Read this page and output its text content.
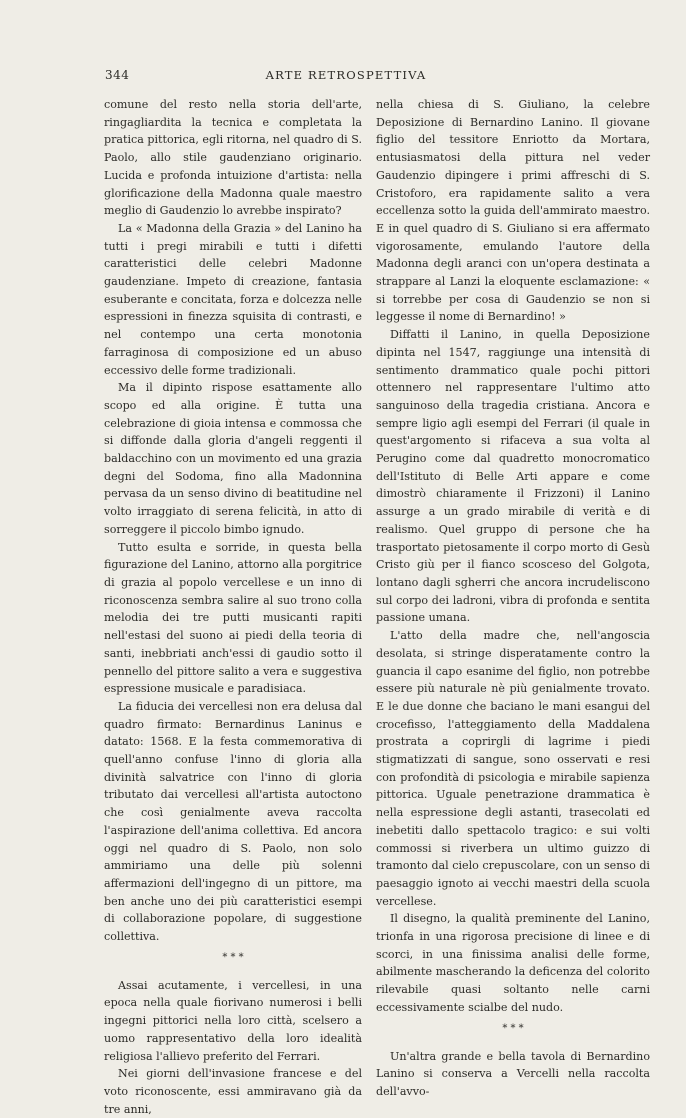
344	ARTE RETROSPETTIVA

comune del resto nella storia dell'arte, ringagliardita la tecnica e completata la pratica pittorica, egli ritorna, nel quadro di S. Paolo, allo stile gaudenziano originario. Lucida e profonda intuizione d'artista: nella glorificazione della Madonna quale maestro meglio di Gaudenzio lo avrebbe inspirato?

La « Madonna della Grazia » del Lanino ha tutti i pregi mirabili e tutti i difetti caratteristici delle celebri Madonne gaudenziane. Impeto di creazione, fantasia esuberante e concitata, forza e dolcezza nelle espressioni in finezza squisita di contrasti, e nel contempo una certa monotonia farraginosa di composizione ed un abuso eccessivo delle forme tradizionali.

Ma il dipinto rispose esattamente allo scopo ed alla origine. È tutta una celebrazione di gioia intensa e commossa che si diffonde dalla gloria d'angeli reggenti il baldacchino con un movimento ed una grazia degni del Sodoma, fino alla Madonnina pervasa da un senso divino di beatitudine nel volto irraggiato di serena felicità, in atto di sorreggere il piccolo bimbo ignudo.

Tutto esulta e sorride, in questa bella figurazione del Lanino, attorno alla porgitrice di grazia al popolo vercellese e un inno di riconoscenza sembra salire al suo trono colla melodia dei tre putti musicanti rapiti nell'estasi del suono ai piedi della teoria di santi, inebbriati anch'essi di gaudio sotto il pennello del pittore salito a vera e suggestiva espressione musicale e paradisiaca.

La fiducia dei vercellesi non era delusa dal quadro firmato: Bernardinus Laninus e datato: 1568. E la festa commemorativa di quell'anno confuse l'inno di gloria alla divinità salvatrice con l'inno di gloria tributato dai vercellesi all'artista autoctono che così genialmente aveva raccolta l'aspirazione dell'anima collettiva. Ed ancora oggi nel quadro di S. Paolo, non solo ammiriamo una delle più solenni affermazioni dell'ingegno di un pittore, ma ben anche uno dei più caratteristici esempi di collaborazione popolare, di suggestione collettiva.

* * *

Assai acutamente, i vercellesi, in una epoca nella quale fiorivano numerosi i belli ingegni pittorici nella loro città, scelsero a uomo rappresentativo della loro idealità religiosa l'allievo preferito del Ferrari.

Nei giorni dell'invasione francese e del voto riconoscente, essi ammiravano già da tre anni,

nella chiesa di S. Giuliano, la celebre Deposizione di Bernardino Lanino. Il giovane figlio del tessitore Enriotto da Mortara, entusiasmatosi della pittura nel veder Gaudenzio dipingere i primi affreschi di S. Cristoforo, era rapidamente salito a vera eccellenza sotto la guida dell'ammirato maestro. E in quel quadro di S. Giuliano si era affermato vigorosamente, emulando l'autore della Madonna degli aranci con un'opera destinata a strappare al Lanzi la eloquente esclamazione: « si torrebbe per cosa di Gaudenzio se non si leggesse il nome di Bernardino! »

Diffatti il Lanino, in quella Deposizione dipinta nel 1547, raggiunge una intensità di sentimento drammatico quale pochi pittori ottennero nel rappresentare l'ultimo atto sanguinoso della tragedia cristiana. Ancora e sempre ligio agli esempi del Ferrari (il quale in quest'argomento si rifaceva a sua volta al Perugino come dal quadretto monocromatico dell'Istituto di Belle Arti appare e come dimostrò chiaramente il Frizzoni) il Lanino assurge a un grado mirabile di verità e di realismo. Quel gruppo di persone che ha trasportato pietosamente il corpo morto di Gesù Cristo giù per il fianco scosceso del Golgota, lontano dagli sgherri che ancora incrudeliscono sul corpo dei ladroni, vibra di profonda e sentita passione umana.

L'atto della madre che, nell'angoscia desolata, si stringe disperatamente contro la guancia il capo esanime del figlio, non potrebbe essere più naturale nè più genialmente trovato. E le due donne che baciano le mani esangui del crocefisso, l'atteggiamento della Maddalena prostrata a coprirgli di lagrime i piedi stigmatizzati di sangue, sono osservati e resi con profondità di psicologia e mirabile sapienza pittorica. Uguale penetrazione drammatica è nella espressione degli astanti, trasecolati ed inebetiti dallo spettacolo tragico: e sui volti commossi si riverbera un ultimo guizzo di tramonto dal cielo crepuscolare, con un senso di paesaggio ignoto ai vecchi maestri della scuola vercellese.

Il disegno, la qualità preminente del Lanino, trionfa in una rigorosa precisione di linee e di scorci, in una finissima analisi delle forme, abilmente mascherando la deficenza del colorito rilevabile quasi soltanto nelle carni eccessivamente scialbe del nudo.

* * *

Un'altra grande e bella tavola di Bernardino Lanino si conserva a Vercelli nella raccolta dell'avvo-
